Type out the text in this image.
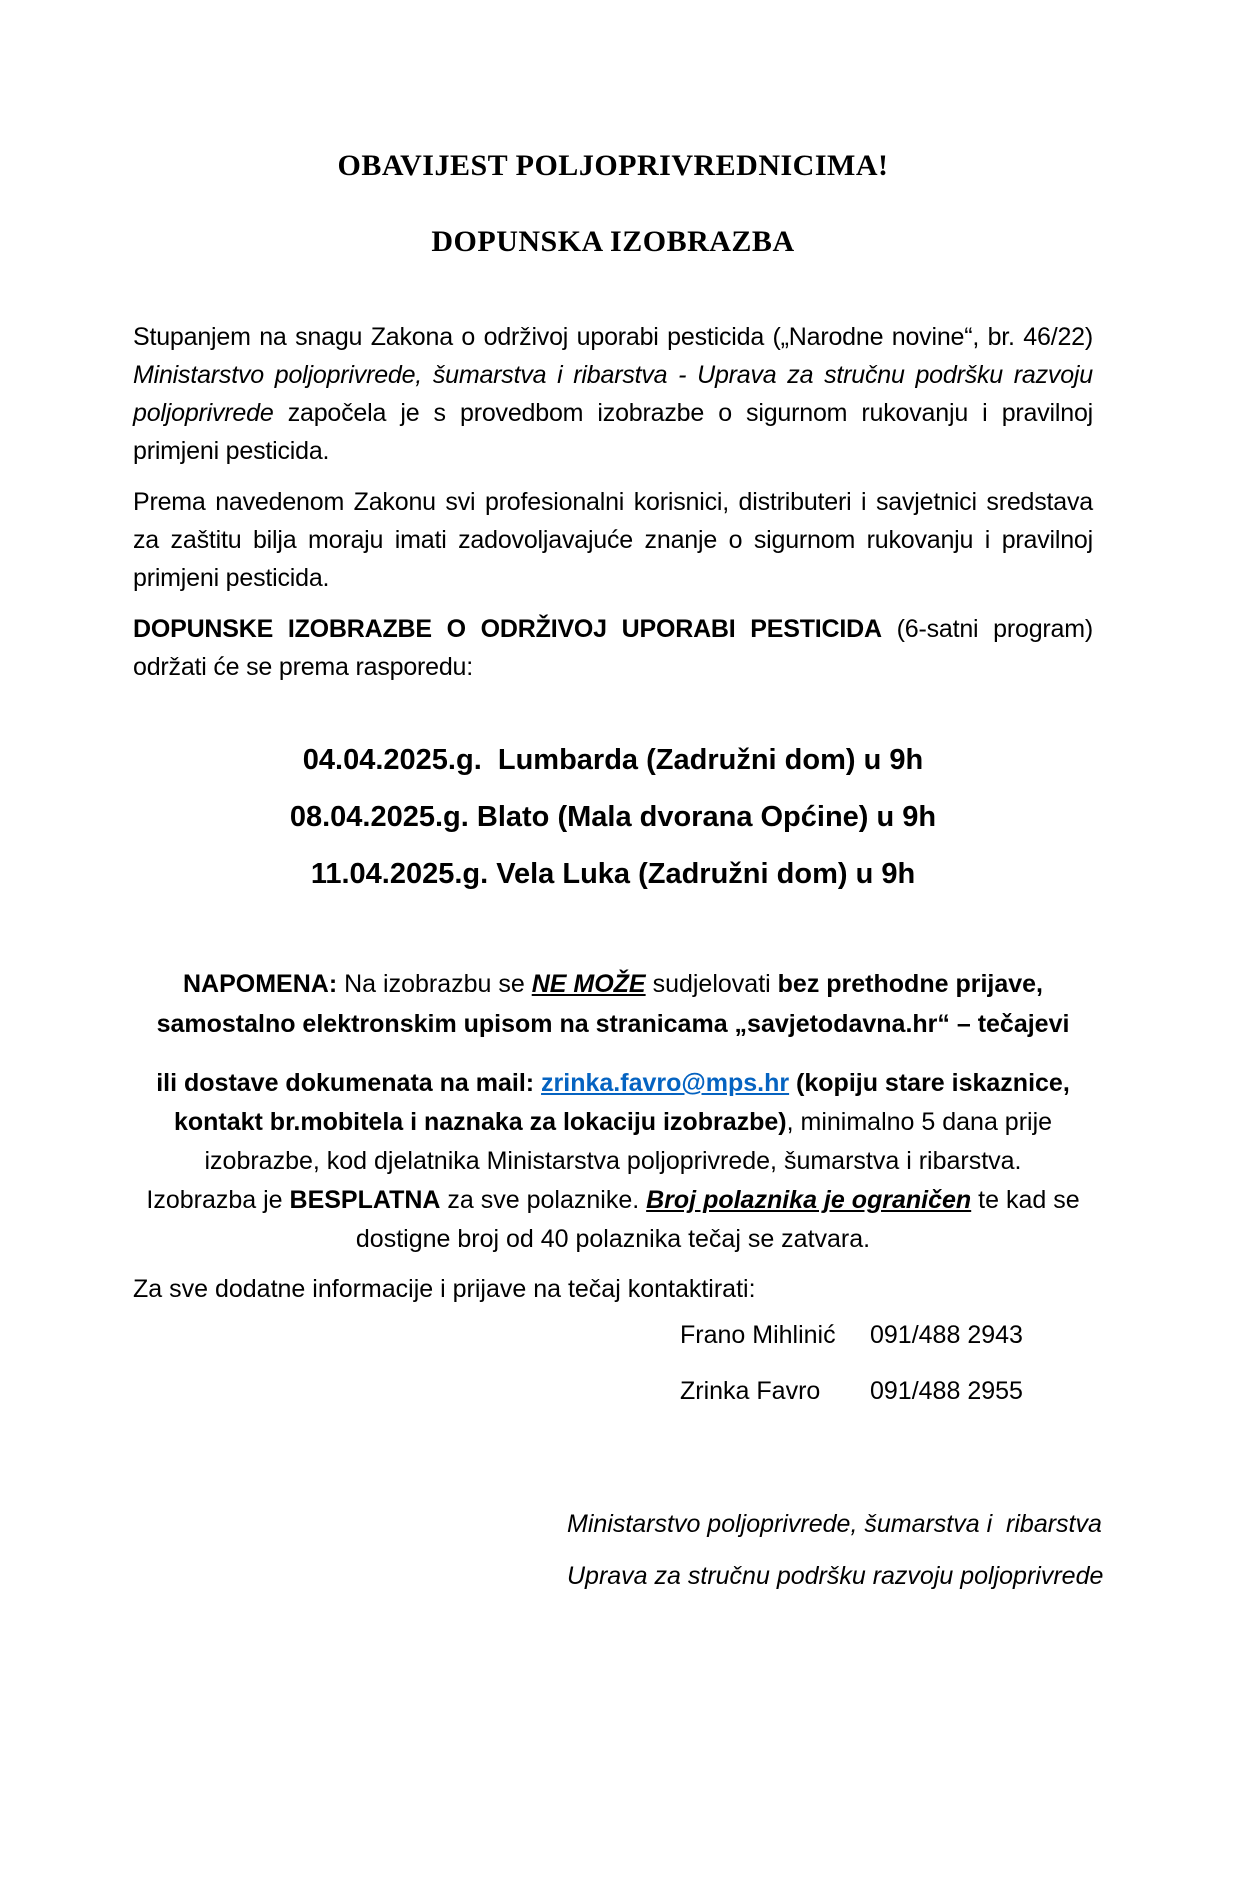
OBAVIJEST POLJOPRIVREDNICIMA!
DOPUNSKA IZOBRAZBA

Stupanjem na snagu Zakona o održivoj uporabi pesticida („Narodne novine“, br. 46/22) Ministarstvo poljoprivrede, šumarstva i ribarstva - Uprava za stručnu podršku razvoju poljoprivrede započela je s provedbom izobrazbe o sigurnom rukovanju i pravilnoj primjeni pesticida.

Prema navedenom Zakonu svi profesionalni korisnici, distributeri i savjetnici sredstava za zaštitu bilja moraju imati zadovoljavajuće znanje o sigurnom rukovanju i pravilnoj primjeni pesticida.

DOPUNSKE IZOBRAZBE O ODRŽIVOJ UPORABI PESTICIDA (6-satni program) održati će se prema rasporedu:

04.04.2025.g.  Lumbarda (Zadružni dom) u 9h
08.04.2025.g. Blato (Mala dvorana Općine) u 9h
11.04.2025.g. Vela Luka (Zadružni dom) u 9h
NAPOMENA: Na izobrazbu se NE MOŽE sudjelovati bez prethodne prijave,
samostalno elektronskim upisom na stranicama „savjetodavna.hr“ – tečajevi
ili dostave dokumenata na mail: zrinka.favro@mps.hr (kopiju stare iskaznice,
kontakt br.mobitela i naznaka za lokaciju izobrazbe), minimalno 5 dana prije
izobrazbe, kod djelatnika Ministarstva poljoprivrede, šumarstva i ribarstva.
Izobrazba je BESPLATNA za sve polaznike. Broj polaznika je ograničen te kad se
dostigne broj od 40 polaznika tečaj se zatvara.
Za sve dodatne informacije i prijave na tečaj kontaktirati:
Frano Mihlinić	091/488 2943
Zrinka Favro	091/488 2955
Ministarstvo poljoprivrede, šumarstva i  ribarstva
Uprava za stručnu podršku razvoju poljoprivrede
